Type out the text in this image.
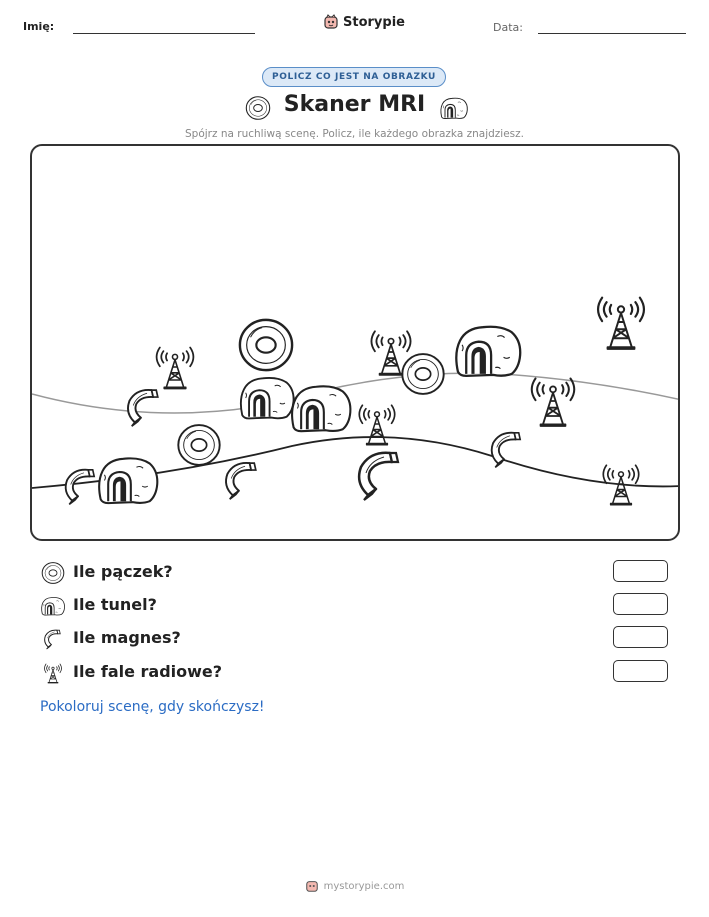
Imię:	Storypie	Data:
POLICZ CO JEST NA OBRAZKU
Skaner MRI
Spójrz na ruchliwą scenę. Policz, ile każdego obrazka znajdziesz.
Ile pączek?
Ile tunel?
Ile magnes?
Ile fale radiowe?
Pokoloruj scenę, gdy skończysz!
mystorypie.com
